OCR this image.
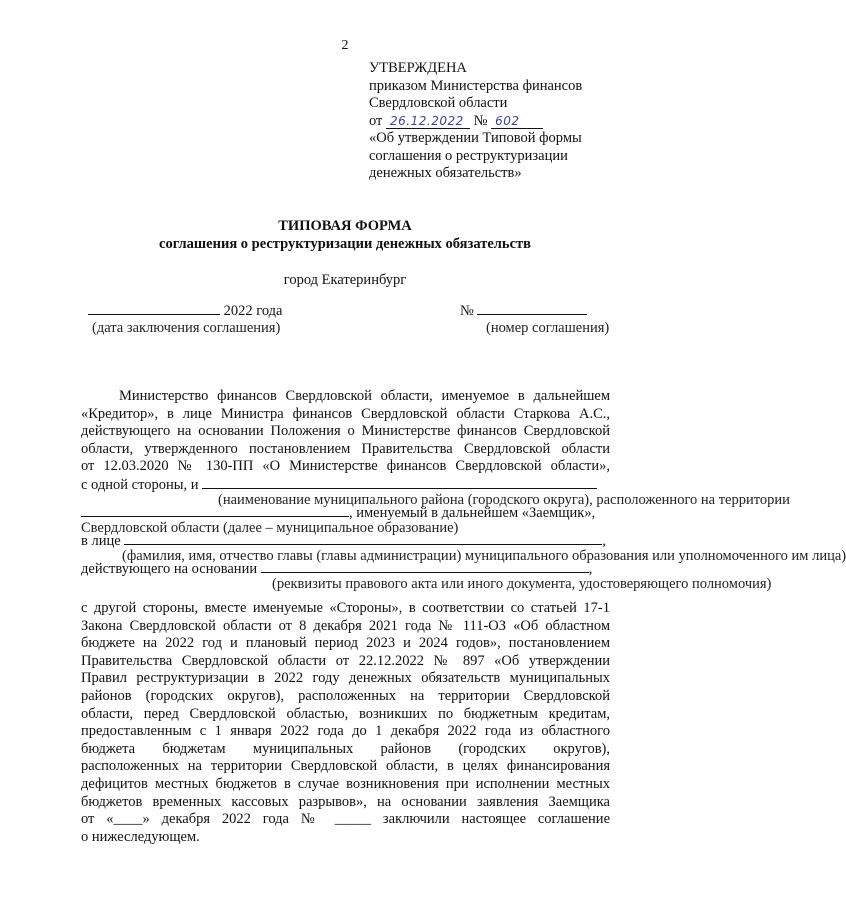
2
УТВЕРЖДЕНА
приказом Министерства финансов
Свердловской области
от 26.12.2022 № 602
«Об утверждении Типовой формы
соглашения о реструктуризации
денежных обязательств»
ТИПОВАЯ ФОРМА
соглашения о реструктуризации денежных обязательств
город Екатеринбург
2022 года
(дата заключения соглашения)
№
(номер соглашения)
Министерство финансов Свердловской области, именуемое в дальнейшем
«Кредитор», в лице Министра финансов Свердловской области Старкова А.С.,
действующего на основании Положения о Министерстве финансов Свердловской
области, утвержденного постановлением Правительства Свердловской области
от 12.03.2020 № 130-ПП «О Министерстве финансов Свердловской области»,
с одной стороны, и
(наименование муниципального района (городского округа), расположенного на территории
, именуемый в дальнейшем «Заемщик»,
Свердловской области (далее – муниципальное образование)
в лице	,
(фамилия, имя, отчество главы (главы администрации) муниципального образования или уполномоченного им лица)
действующего на основании	,
(реквизиты правового акта или иного документа, удостоверяющего полномочия)
с другой стороны, вместе именуемые «Стороны», в соответствии со статьей 17-1
Закона Свердловской области от 8 декабря 2021 года № 111-ОЗ «Об областном
бюджете на 2022 год и плановый период 2023 и 2024 годов», постановлением
Правительства Свердловской области от 22.12.2022 № 897 «Об утверждении
Правил реструктуризации в 2022 году денежных обязательств муниципальных
районов (городских округов), расположенных на территории Свердловской
области, перед Свердловской областью, возникших по бюджетным кредитам,
предоставленным с 1 января 2022 года до 1 декабря 2022 года из областного
бюджета бюджетам муниципальных районов (городских округов),
расположенных на территории Свердловской области, в целях финансирования
дефицитов местных бюджетов в случае возникновения при исполнении местных
бюджетов временных кассовых разрывов», на основании заявления Заемщика
от «____» декабря 2022 года № _____ заключили настоящее соглашение
о нижеследующем.
